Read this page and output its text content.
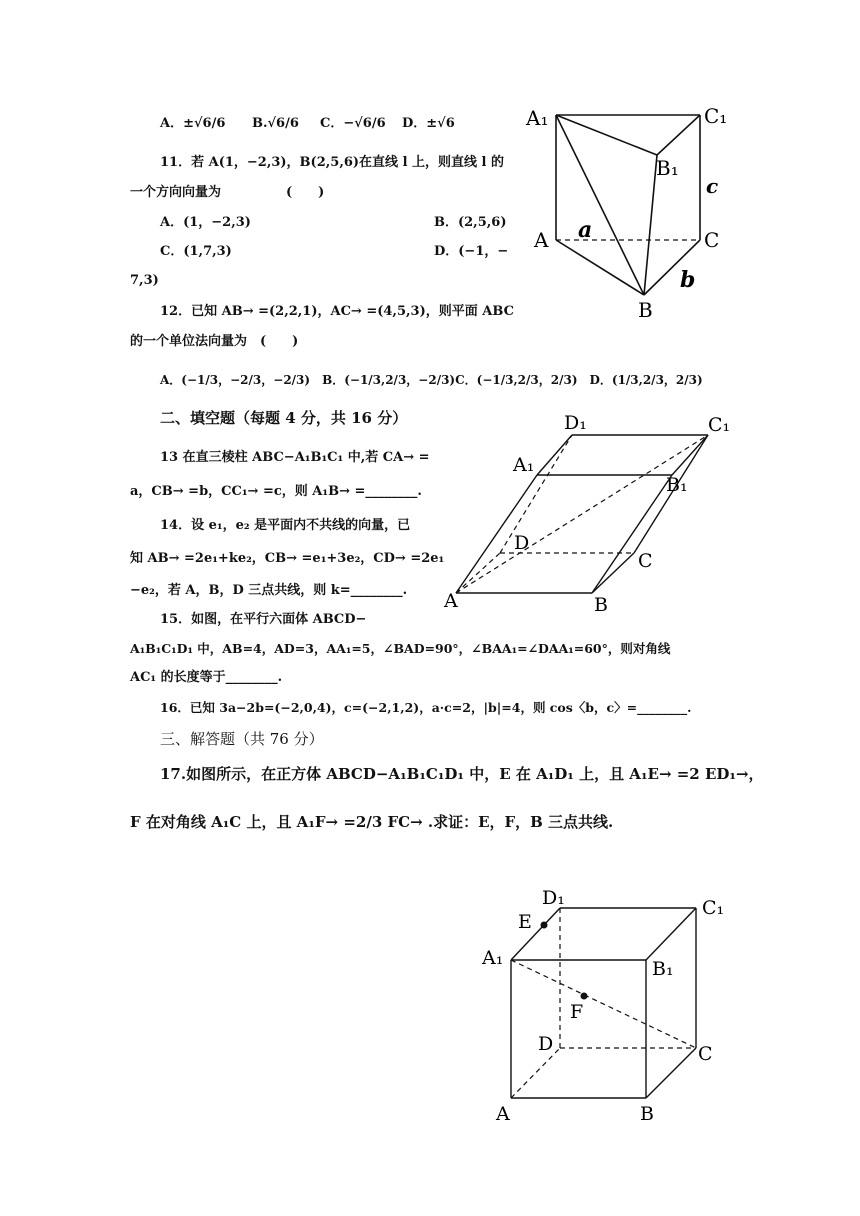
A．±√6/6 B.√6/6 C．−√6/6 D．±√6
11．若 A(1，−2,3)，B(2,5,6)在直线 l 上，则直线 l 的
一个方向向量为　　　　　(　　)
A．(1，−2,3)	B．(2,5,6)
C．(1,7,3)	D．(−1，−
7,3)
12．已知 AB→ =(2,2,1)，AC→ =(4,5,3)，则平面 ABC
的一个单位法向量为　(　　)
A．(−1/3，−2/3，−2/3)　B．(−1/3,2/3，−2/3)C．(−1/3,2/3，2/3)　D．(1/3,2/3，2/3)
二、填空题（每题 4 分，共 16 分）
13 在直三棱柱 ABC−A₁B₁C₁ 中,若 CA→ =
a，CB→ =b，CC₁→ =c，则 A₁B→ =________.
14．设 e₁，e₂ 是平面内不共线的向量，已
知 AB→ =2e₁+ke₂，CB→ =e₁+3e₂，CD→ =2e₁
−e₂，若 A，B，D 三点共线，则 k=________.
15．如图，在平行六面体 ABCD−
A₁B₁C₁D₁ 中，AB=4，AD=3，AA₁=5，∠BAD=90°，∠BAA₁=∠DAA₁=60°，则对角线
AC₁ 的长度等于________.
16．已知 3a−2b=(−2,0,4)，c=(−2,1,2)，a·c=2，|b|=4，则 cos〈b，c〉=________.
三、解答题（共 76 分）
17.如图所示，在正方体 ABCD−A₁B₁C₁D₁ 中，E 在 A₁D₁ 上，且 A₁E→ =2 ED₁→，
F 在对角线 A₁C 上，且 A₁F→ =2/3 FC→ .求证：E，F，B 三点共线.
A₁	C₁
B₁
c
A a	C
b
B
D₁	C₁
A₁
B₁
D
C
A	B
D₁	C₁
E
A₁	B₁
F
D	C
A	B
